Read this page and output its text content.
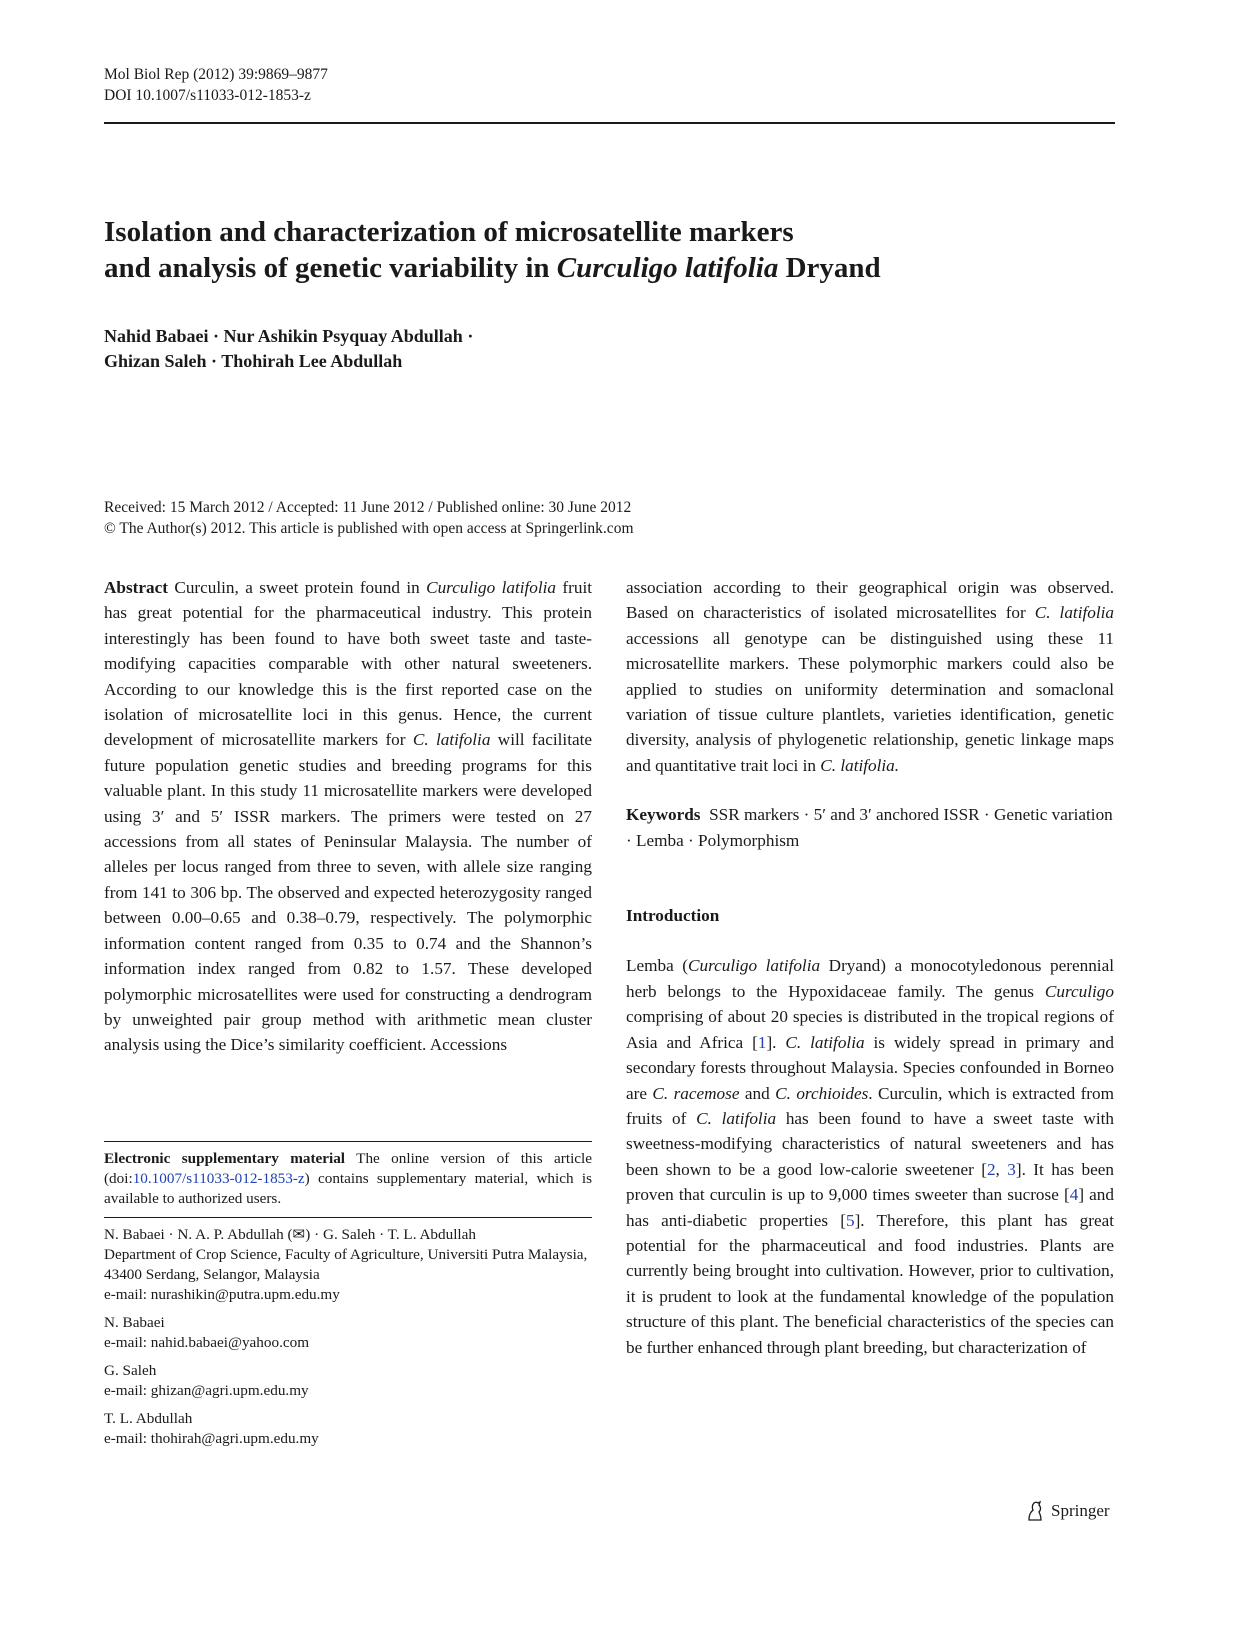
Mol Biol Rep (2012) 39:9869–9877
DOI 10.1007/s11033-012-1853-z
Isolation and characterization of microsatellite markers
and analysis of genetic variability in Curculigo latifolia Dryand
Nahid Babaei · Nur Ashikin Psyquay Abdullah ·
Ghizan Saleh · Thohirah Lee Abdullah
Received: 15 March 2012 / Accepted: 11 June 2012 / Published online: 30 June 2012
© The Author(s) 2012. This article is published with open access at Springerlink.com

Abstract Curculin, a sweet protein found in Curculigo latifolia fruit has great potential for the pharmaceutical industry. This protein interestingly has been found to have both sweet taste and taste-modifying capacities comparable with other natural sweeteners. According to our knowledge this is the first reported case on the isolation of microsatellite loci in this genus. Hence, the current development of microsatellite markers for C. latifolia will facilitate future population genetic studies and breeding programs for this valuable plant. In this study 11 microsatellite markers were developed using 3′ and 5′ ISSR markers. The primers were tested on 27 accessions from all states of Peninsular Malaysia. The number of alleles per locus ranged from three to seven, with allele size ranging from 141 to 306 bp. The observed and expected heterozygosity ranged between 0.00–0.65 and 0.38–0.79, respectively. The polymorphic information content ranged from 0.35 to 0.74 and the Shannon’s information index ranged from 0.82 to 1.57. These developed polymorphic microsatellites were used for constructing a dendrogram by unweighted pair group method with arithmetic mean cluster analysis using the Dice’s similarity coefficient. Accessions

association according to their geographical origin was observed. Based on characteristics of isolated microsatellites for C. latifolia accessions all genotype can be distinguished using these 11 microsatellite markers. These polymorphic markers could also be applied to studies on uniformity determination and somaclonal variation of tissue culture plantlets, varieties identification, genetic diversity, analysis of phylogenetic relationship, genetic linkage maps and quantitative trait loci in C. latifolia.

Keywords SSR markers · 5′ and 3′ anchored ISSR · Genetic variation · Lemba · Polymorphism

Introduction

Lemba (Curculigo latifolia Dryand) a monocotyledonous perennial herb belongs to the Hypoxidaceae family. The genus Curculigo comprising of about 20 species is distributed in the tropical regions of Asia and Africa [1]. C. latifolia is widely spread in primary and secondary forests throughout Malaysia. Species confounded in Borneo are C. racemose and C. orchioides. Curculin, which is extracted from fruits of C. latifolia has been found to have a sweet taste with sweetness-modifying characteristics of natural sweeteners and has been shown to be a good low-calorie sweetener [2, 3]. It has been proven that curculin is up to 9,000 times sweeter than sucrose [4] and has anti-diabetic properties [5]. Therefore, this plant has great potential for the pharmaceutical and food industries. Plants are currently being brought into cultivation. However, prior to cultivation, it is prudent to look at the fundamental knowledge of the population structure of this plant. The beneficial characteristics of the species can be further enhanced through plant breeding, but characterization of

Electronic supplementary material The online version of this article (doi:10.1007/s11033-012-1853-z) contains supplementary material, which is available to authorized users.
N. Babaei · N. A. P. Abdullah (✉) · G. Saleh · T. L. Abdullah
Department of Crop Science, Faculty of Agriculture, Universiti Putra Malaysia, 43400 Serdang, Selangor, Malaysia
e-mail: nurashikin@putra.upm.edu.my
N. Babaei
e-mail: nahid.babaei@yahoo.com
G. Saleh
e-mail: ghizan@agri.upm.edu.my
T. L. Abdullah
e-mail: thohirah@agri.upm.edu.my
Springer
